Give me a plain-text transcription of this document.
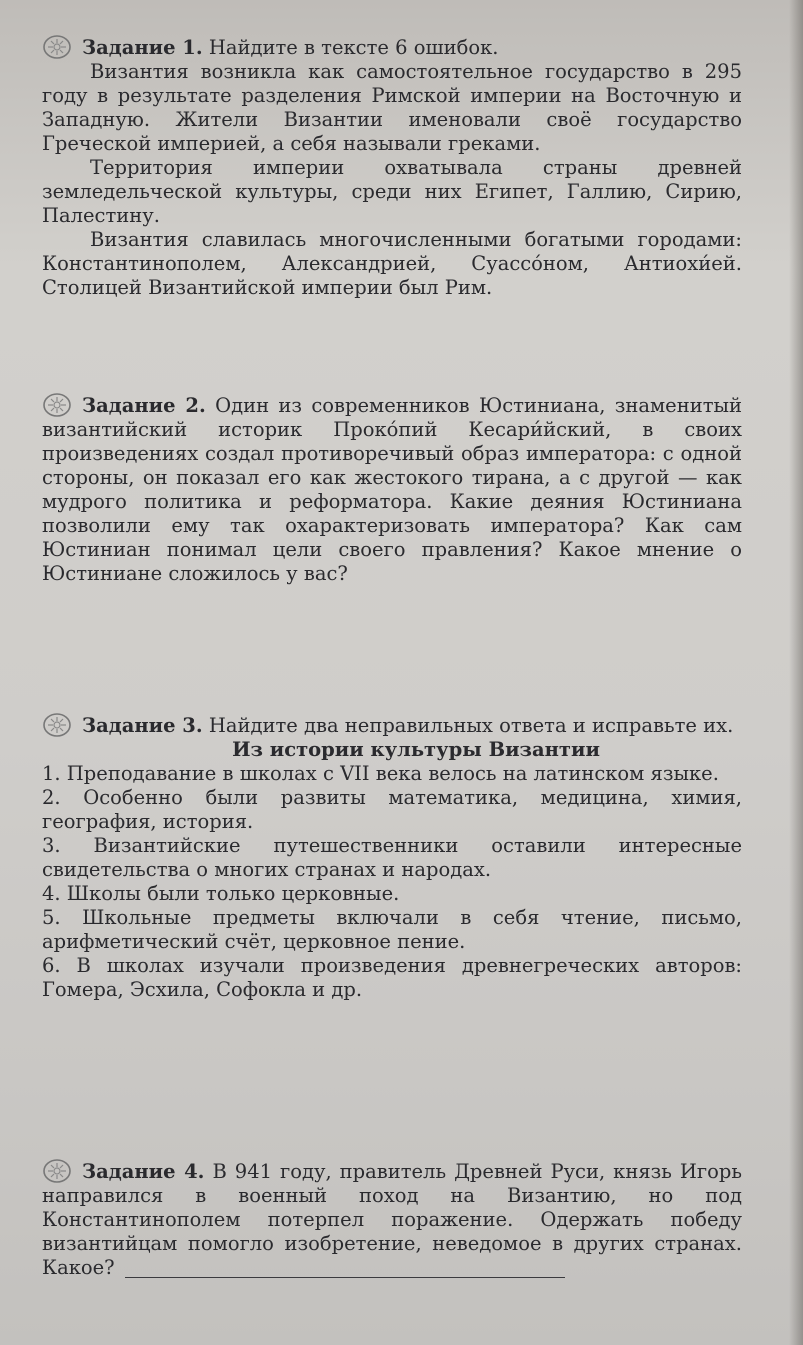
Задание 1. Найдите в тексте 6 ошибок.

Византия возникла как самостоятельное государство в 295 году в результате разделения Римской империи на Восточную и Западную. Жители Византии именовали своё государство Греческой империей, а себя называли греками.

Территория империи охватывала страны древней земледельческой культуры, среди них Египет, Галлию, Сирию, Палестину.

Византия славилась многочисленными богатыми городами: Константинополем, Александрией, Суассо́ном, Антиохи́ей. Столицей Византийской империи был Рим.

Задание 2. Один из современников Юстиниана, знаменитый византийский историк Проко́пий Кесари́йский, в своих произведениях создал противоречивый образ императора: с одной стороны, он показал его как жестокого тирана, а с другой — как мудрого политика и реформатора. Какие деяния Юстиниана позволили ему так охарактеризовать императора? Как сам Юстиниан понимал цели своего правления? Какое мнение о Юстиниане сложилось у вас?

Задание 3. Найдите два неправильных ответа и исправьте их.

Из истории культуры Византии

1. Преподавание в школах с VII века велось на латинском языке.
2. Особенно были развиты математика, медицина, химия, география, история.
3. Византийские путешественники оставили интересные свидетельства о многих странах и народах.
4. Школы были только церковные.
5. Школьные предметы включали в себя чтение, письмо, арифметический счёт, церковное пение.
6. В школах изучали произведения древнегреческих авторов: Гомера, Эсхила, Софокла и др.

Задание 4. В 941 году, правитель Древней Руси, князь Игорь направился в военный поход на Византию, но под Константинополем потерпел поражение. Одержать победу византийцам помогло изобретение, неведомое в других странах. Какое?
